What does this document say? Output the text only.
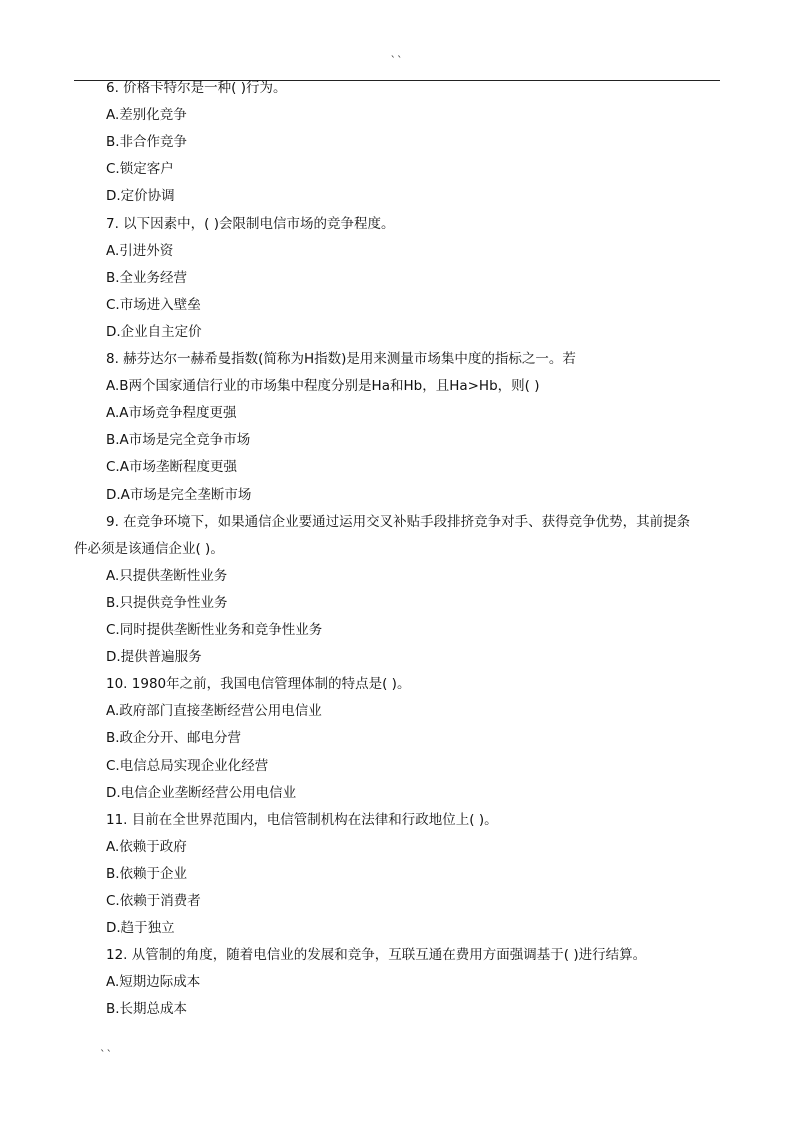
``
6. 价格卡特尔是一种( )行为。
A.差别化竞争
B.非合作竞争
C.锁定客户
D.定价协调
7. 以下因素中，( )会限制电信市场的竞争程度。
A.引进外资
B.全业务经营
C.市场进入壁垒
D.企业自主定价
8. 赫芬达尔一赫希曼指数(简称为H指数)是用来测量市场集中度的指标之一。若
A.B两个国家通信行业的市场集中程度分别是Ha和Hb，且Ha>Hb，则( )
A.A市场竞争程度更强
B.A市场是完全竞争市场
C.A市场垄断程度更强
D.A市场是完全垄断市场
9. 在竞争环境下，如果通信企业要通过运用交叉补贴手段排挤竞争对手、获得竞争优势，其前提条
件必须是该通信企业( )。
A.只提供垄断性业务
B.只提供竞争性业务
C.同时提供垄断性业务和竞争性业务
D.提供普遍服务
10. 1980年之前，我国电信管理体制的特点是( )。
A.政府部门直接垄断经营公用电信业
B.政企分开、邮电分营
C.电信总局实现企业化经营
D.电信企业垄断经营公用电信业
11. 目前在全世界范围内，电信管制机构在法律和行政地位上( )。
A.依赖于政府
B.依赖于企业
C.依赖于消费者
D.趋于独立
12. 从管制的角度，随着电信业的发展和竞争，互联互通在费用方面强调基于( )进行结算。
A.短期边际成本
B.长期总成本
``
